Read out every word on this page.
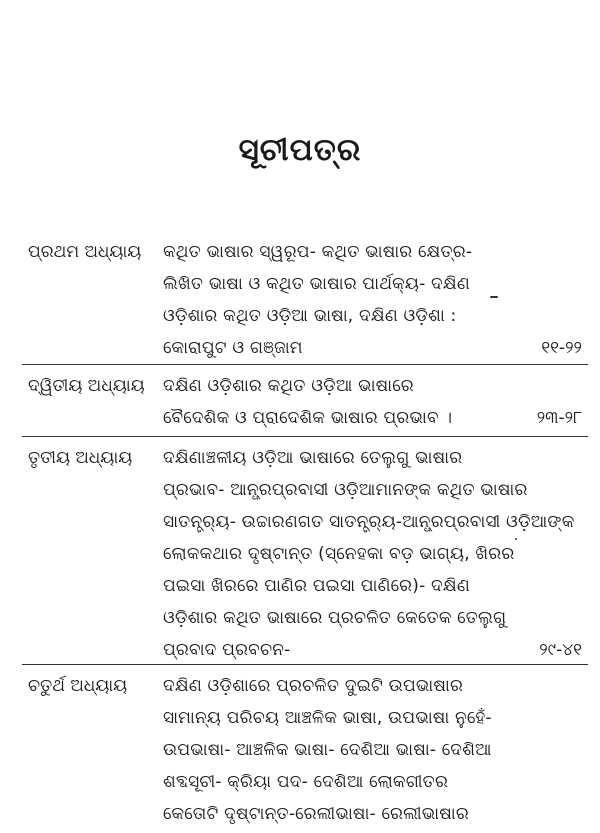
ସୂଚୀପତ୍ର
ପ୍ରଥମ ଅଧ୍ୟାୟ କଥିତ ଭାଷାର ସ୍ୱରୂପ- କଥିତ ଭାଷାର କ୍ଷେତ୍ର-
ଲିଖିତ ଭାଷା ଓ କଥିତ ଭାଷାର ପାର୍ଥକ୍ୟ- ଦକ୍ଷିଣ
ଓଡ଼ିଶାର କଥିତ ଓଡ଼ିଆ ଭାଷା, ଦକ୍ଷିଣ ଓଡ଼ିଶା :
କୋରାପୁଟ ଓ ଗଞ୍ଜାମ	୧୧-୨୨
ଦ୍ୱିତୀୟ ଅଧ୍ୟାୟ ଦକ୍ଷିଣ ଓଡ଼ିଶାର କଥିତ ଓଡ଼ିଆ ଭାଷାରେ
ବୈଦେଶିକ ଓ ପ୍ରାଦେଶିକ ଭାଷାର ପ୍ରଭାବ ।	୨୩-୨୮
ତୃତୀୟ ଅଧ୍ୟାୟ ଦକ୍ଷିଣାଞ୍ଚଳୀୟ ଓଡ଼ିଆ ଭାଷାରେ ତେଲୁଗୁ ଭାଷାର
ପ୍ରଭାବ- ଆନ୍ଧ୍ରପ୍ରବାସୀ ଓଡ଼ିଆମାନଙ୍କ କଥିତ ଭାଷାର
ସାତନ୍ତ୍ର୍ୟ- ଉଚ୍ଚାରଣଗତ ସାତନ୍ତ୍ର୍ୟ-ଆନ୍ଧ୍ରପ୍ରବାସୀ ଓଡ଼ିଆଙ୍କ
ଲୋକକଥାର ଦୃଷ୍ଟାନ୍ତ (ସ୍ନେହକା ବଡ଼ ଭାଗ୍ୟ, ଖିରର
ପଇସା ଖିରରେ ପାଣିର ପଇସା ପାଣିରେ)- ଦକ୍ଷିଣ
ଓଡ଼ିଶାର କଥିତ ଭାଷାରେ ପ୍ରଚଳିତ କେତେକ ତେଲୁଗୁ
ପ୍ରବାଦ ପ୍ରବଚନ-	୨୯-୪୧
ଚତୁର୍ଥ ଅଧ୍ୟାୟ ଦକ୍ଷିଣ ଓଡ଼ିଶାରେ ପ୍ରଚଳିତ ଦୁଇଟି ଉପଭାଷାର
ସାମାନ୍ୟ ପରିଚୟ ଆଞ୍ଚଳିକ ଭାଷା, ଉପଭାଷା ନୁହେଁ-
ଉପଭାଷା- ଆଞ୍ଚଳିକ ଭାଷା- ଦେଶିଆ ଭାଷା- ଦେଶିଆ
ଶବ୍ଦସୂଚୀ- କ୍ରିୟା ପଦ- ଦେଶିଆ ଲୋକଗୀତର
କେତୋଟି ଦୃଷ୍ଟାନ୍ତ-ରେଲୀଭାଷା- ରେଲୀଭାଷାର
